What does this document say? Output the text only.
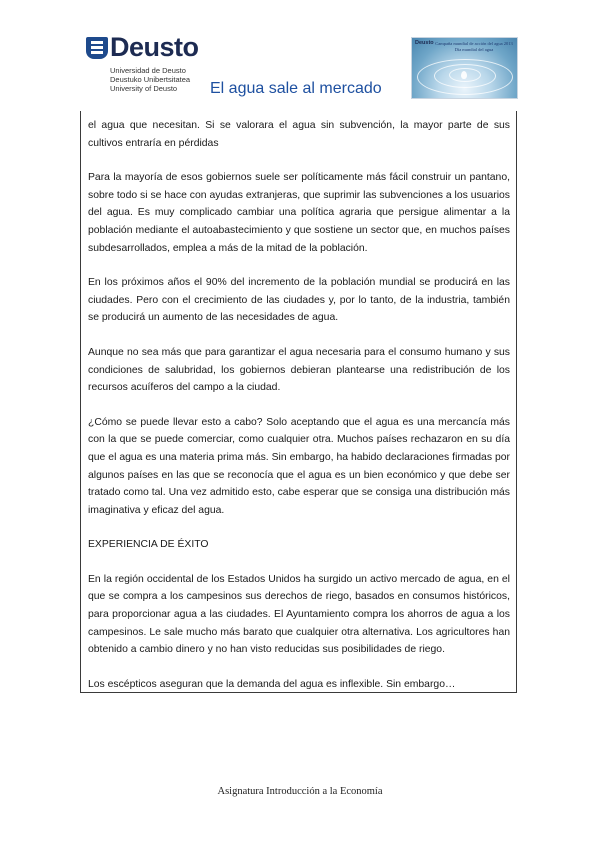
Deusto
Universidad de Deusto
Deustuko Unibertsitatea
University of Deusto	El agua sale al mercado
Deusto Campaña mundial de acción del agua 2013 Día mundial del agua

el agua que necesitan. Si se valorara el agua sin subvención, la mayor parte de sus cultivos entraría en pérdidas

Para la mayoría de esos gobiernos suele ser políticamente más fácil construir un pantano, sobre todo si se hace con ayudas extranjeras, que suprimir las subvenciones a los usuarios del agua. Es muy complicado cambiar una política agraria que persigue alimentar a la población mediante el autoabastecimiento y que sostiene un sector que, en muchos países subdesarrollados, emplea a más de la mitad de la población.

En los próximos años el 90% del incremento de la población mundial se producirá en las ciudades. Pero con el crecimiento de las ciudades y, por lo tanto, de la industria, también se producirá un aumento de las necesidades de agua.

Aunque no sea más que para garantizar el agua necesaria para el consumo humano y sus condiciones de salubridad, los gobiernos debieran plantearse una redistribución de los recursos acuíferos del campo a la ciudad.

¿Cómo se puede llevar esto a cabo? Solo aceptando que el agua es una mercancía más con la que se puede comerciar, como cualquier otra. Muchos países rechazaron en su día que el agua es una materia prima más. Sin embargo, ha habido declaraciones firmadas por algunos países en las que se reconocía que el agua es un bien económico y que debe ser tratado como tal. Una vez admitido esto, cabe esperar que se consiga una distribución más imaginativa y eficaz del agua.

EXPERIENCIA DE ÉXITO

En la región occidental de los Estados Unidos ha surgido un activo mercado de agua, en el que se compra a los campesinos sus derechos de riego, basados en consumos históricos, para proporcionar agua a las ciudades. El Ayuntamiento compra los ahorros de agua a los campesinos. Le sale mucho más barato que cualquier otra alternativa. Los agricultores han obtenido a cambio dinero y no han visto reducidas sus posibilidades de riego.

Los escépticos aseguran que la demanda del agua es inflexible. Sin embargo…

Asignatura Introducción a la Economía
